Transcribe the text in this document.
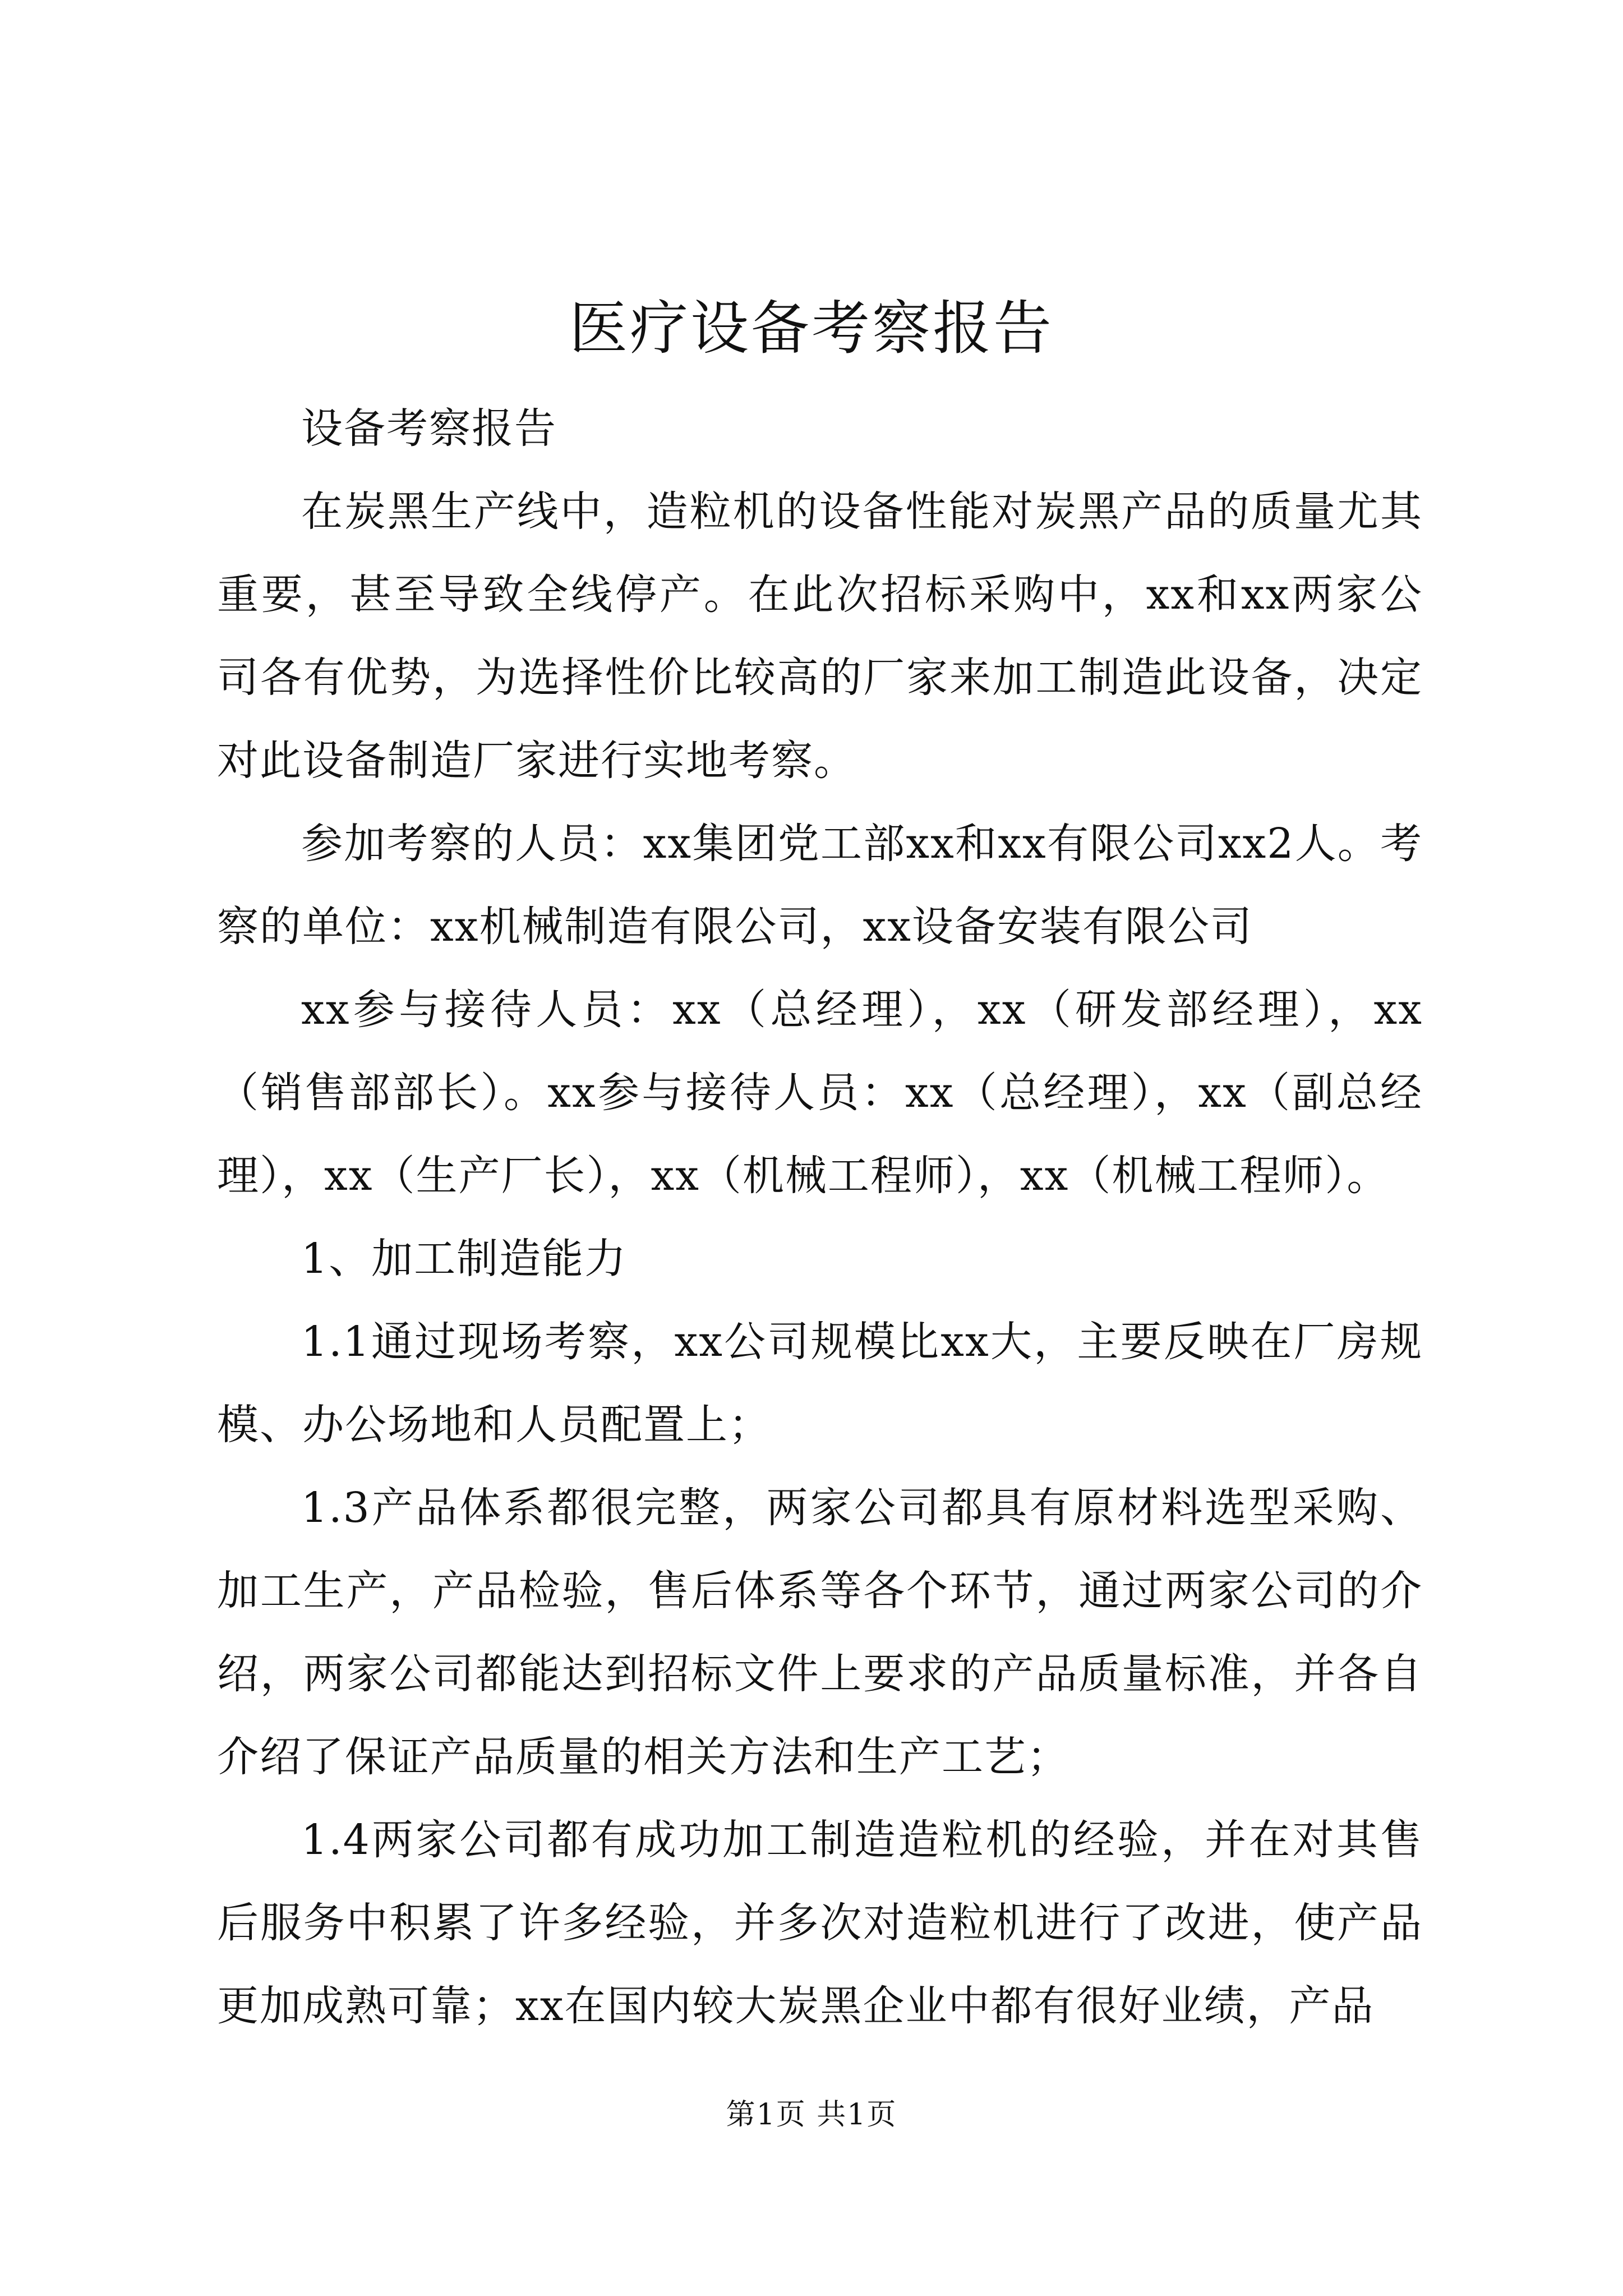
医疗设备考察报告

设备考察报告

在炭黑生产线中，造粒机的设备性能对炭黑产品的质量尤其重要，甚至导致全线停产。在此次招标采购中，xx和xx两家公司各有优势，为选择性价比较高的厂家来加工制造此设备，决定对此设备制造厂家进行实地考察。

参加考察的人员：xx集团党工部xx和xx有限公司xx2人。考察的单位：xx机械制造有限公司，xx设备安装有限公司

xx参与接待人员：xx（总经理），xx（研发部经理），xx（销售部部长）。xx参与接待人员：xx（总经理），xx（副总经理），xx（生产厂长），xx（机械工程师），xx（机械工程师）。

1、加工制造能力

1.1通过现场考察，xx公司规模比xx大，主要反映在厂房规模、办公场地和人员配置上；

1.3产品体系都很完整，两家公司都具有原材料选型采购、加工生产，产品检验，售后体系等各个环节，通过两家公司的介绍，两家公司都能达到招标文件上要求的产品质量标准，并各自介绍了保证产品质量的相关方法和生产工艺；

1.4两家公司都有成功加工制造造粒机的经验，并在对其售后服务中积累了许多经验，并多次对造粒机进行了改进，使产品更加成熟可靠；xx在国内较大炭黑企业中都有很好业绩，产品

第1页 共1页
